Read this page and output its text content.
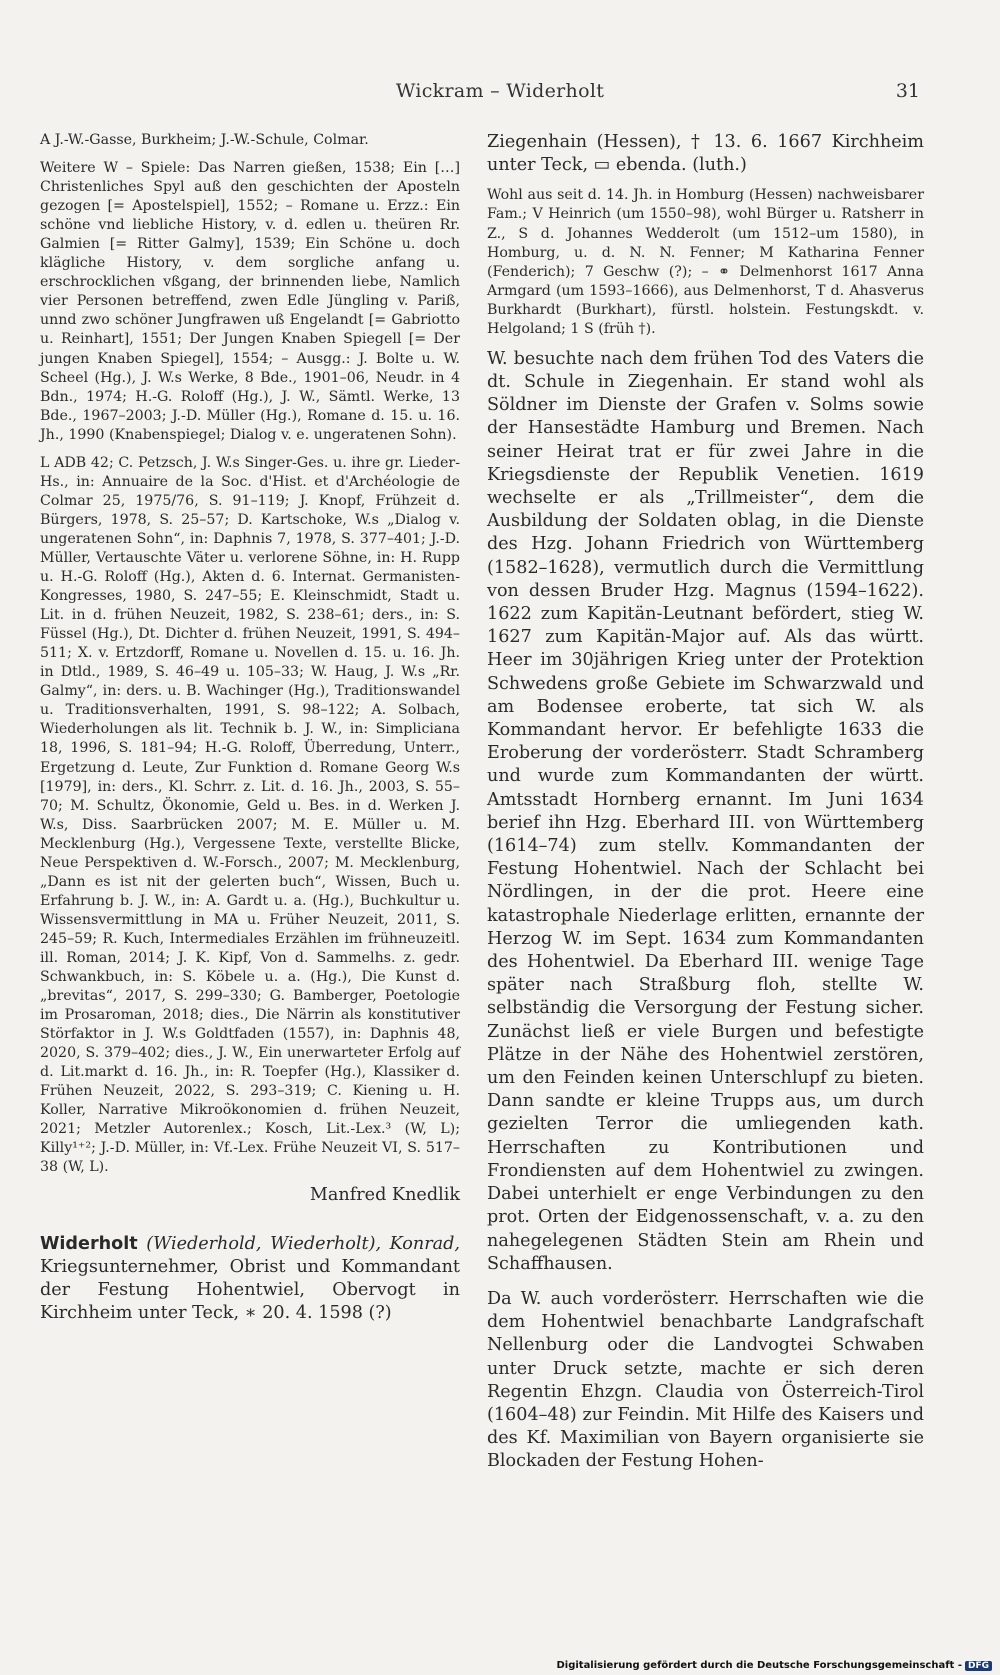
Wickram – Widerholt	31

A J.-W.-Gasse, Burkheim; J.-W.-Schule, Colmar.

Weitere W – Spiele: Das Narren gießen, 1538; Ein […] Christenliches Spyl auß den geschichten der Aposteln gezogen [= Apostelspiel], 1552; – Romane u. Erzz.: Ein schöne vnd liebliche History, v. d. edlen u. theüren Rr. Galmien [= Ritter Galmy], 1539; Ein Schöne u. doch klägliche History, v. dem sorgliche anfang u. erschrocklichen vßgang, der brinnenden liebe, Namlich vier Personen betreffend, zwen Edle Jüngling v. Pariß, unnd zwo schöner Jungfrawen uß Engelandt [= Gabriotto u. Reinhart], 1551; Der Jungen Knaben Spiegell [= Der jungen Knaben Spiegel], 1554; – Ausgg.: J. Bolte u. W. Scheel (Hg.), J. W.s Werke, 8 Bde., 1901–06, Neudr. in 4 Bdn., 1974; H.-G. Roloff (Hg.), J. W., Sämtl. Werke, 13 Bde., 1967–2003; J.-D. Müller (Hg.), Romane d. 15. u. 16. Jh., 1990 (Knabenspiegel; Dialog v. e. ungeratenen Sohn).

L ADB 42; C. Petzsch, J. W.s Singer-Ges. u. ihre gr. Lieder-Hs., in: Annuaire de la Soc. d'Hist. et d'Archéologie de Colmar 25, 1975/76, S. 91–119; J. Knopf, Frühzeit d. Bürgers, 1978, S. 25–57; D. Kartschoke, W.s „Dialog v. ungeratenen Sohn“, in: Daphnis 7, 1978, S. 377–401; J.-D. Müller, Vertauschte Väter u. verlorene Söhne, in: H. Rupp u. H.-G. Roloff (Hg.), Akten d. 6. Internat. Germanisten-Kongresses, 1980, S. 247–55; E. Kleinschmidt, Stadt u. Lit. in d. frühen Neuzeit, 1982, S. 238–61; ders., in: S. Füssel (Hg.), Dt. Dichter d. frühen Neuzeit, 1991, S. 494–511; X. v. Ertzdorff, Romane u. Novellen d. 15. u. 16. Jh. in Dtld., 1989, S. 46–49 u. 105–33; W. Haug, J. W.s „Rr. Galmy“, in: ders. u. B. Wachinger (Hg.), Traditionswandel u. Traditionsverhalten, 1991, S. 98–122; A. Solbach, Wiederholungen als lit. Technik b. J. W., in: Simpliciana 18, 1996, S. 181–94; H.-G. Roloff, Überredung, Unterr., Ergetzung d. Leute, Zur Funktion d. Romane Georg W.s [1979], in: ders., Kl. Schrr. z. Lit. d. 16. Jh., 2003, S. 55–70; M. Schultz, Ökonomie, Geld u. Bes. in d. Werken J. W.s, Diss. Saarbrücken 2007; M. E. Müller u. M. Mecklenburg (Hg.), Vergessene Texte, verstellte Blicke, Neue Perspektiven d. W.-Forsch., 2007; M. Mecklenburg, „Dann es ist nit der gelerten buch“, Wissen, Buch u. Erfahrung b. J. W., in: A. Gardt u. a. (Hg.), Buchkultur u. Wissensvermittlung in MA u. Früher Neuzeit, 2011, S. 245–59; R. Kuch, Intermediales Erzählen im frühneuzeitl. ill. Roman, 2014; J. K. Kipf, Von d. Sammelhs. z. gedr. Schwankbuch, in: S. Köbele u. a. (Hg.), Die Kunst d. „brevitas“, 2017, S. 299–330; G. Bamberger, Poetologie im Prosaroman, 2018; dies., Die Närrin als konstitutiver Störfaktor in J. W.s Goldtfaden (1557), in: Daphnis 48, 2020, S. 379–402; dies., J. W., Ein unerwarteter Erfolg auf d. Lit.markt d. 16. Jh., in: R. Toepfer (Hg.), Klassiker d. Frühen Neuzeit, 2022, S. 293–319; C. Kiening u. H. Koller, Narrative Mikroökonomien d. frühen Neuzeit, 2021; Metzler Autorenlex.; Kosch, Lit.-Lex.³ (W, L); Killy¹⁺²; J.-D. Müller, in: Vf.-Lex. Frühe Neuzeit VI, S. 517–38 (W, L).

Manfred Knedlik

Widerholt (Wiederhold, Wiederholt), Konrad, Kriegsunternehmer, Obrist und Kommandant der Festung Hohentwiel, Obervogt in Kirchheim unter Teck, ∗ 20. 4. 1598 (?)

Ziegenhain (Hessen), † 13. 6. 1667 Kirchheim unter Teck, ▭ ebenda. (luth.)

Wohl aus seit d. 14. Jh. in Homburg (Hessen) nachweisbarer Fam.; V Heinrich (um 1550–98), wohl Bürger u. Ratsherr in Z., S d. Johannes Wedderolt (um 1512–um 1580), in Homburg, u. d. N. N. Fenner; M Katharina Fenner (Fenderich); 7 Geschw (?); – ⚭ Delmenhorst 1617 Anna Armgard (um 1593–1666), aus Delmenhorst, T d. Ahasverus Burkhardt (Burkhart), fürstl. holstein. Festungskdt. v. Helgoland; 1 S (früh †).

W. besuchte nach dem frühen Tod des Vaters die dt. Schule in Ziegenhain. Er stand wohl als Söldner im Dienste der Grafen v. Solms sowie der Hansestädte Hamburg und Bremen. Nach seiner Heirat trat er für zwei Jahre in die Kriegsdienste der Republik Venetien. 1619 wechselte er als „Trillmeister“, dem die Ausbildung der Soldaten oblag, in die Dienste des Hzg. Johann Friedrich von Württemberg (1582–1628), vermutlich durch die Vermittlung von dessen Bruder Hzg. Magnus (1594–1622). 1622 zum Kapitän-Leutnant befördert, stieg W. 1627 zum Kapitän-Major auf. Als das württ. Heer im 30jährigen Krieg unter der Protektion Schwedens große Gebiete im Schwarzwald und am Bodensee eroberte, tat sich W. als Kommandant hervor. Er befehligte 1633 die Eroberung der vorderösterr. Stadt Schramberg und wurde zum Kommandanten der württ. Amtsstadt Hornberg ernannt. Im Juni 1634 berief ihn Hzg. Eberhard III. von Württemberg (1614–74) zum stellv. Kommandanten der Festung Hohentwiel. Nach der Schlacht bei Nördlingen, in der die prot. Heere eine katastrophale Niederlage erlitten, ernannte der Herzog W. im Sept. 1634 zum Kommandanten des Hohentwiel. Da Eberhard III. wenige Tage später nach Straßburg floh, stellte W. selbständig die Versorgung der Festung sicher. Zunächst ließ er viele Burgen und befestigte Plätze in der Nähe des Hohentwiel zerstören, um den Feinden keinen Unterschlupf zu bieten. Dann sandte er kleine Trupps aus, um durch gezielten Terror die umliegenden kath. Herrschaften zu Kontributionen und Frondiensten auf dem Hohentwiel zu zwingen. Dabei unterhielt er enge Verbindungen zu den prot. Orten der Eidgenossenschaft, v. a. zu den nahegelegenen Städten Stein am Rhein und Schaffhausen.

Da W. auch vorderösterr. Herrschaften wie die dem Hohentwiel benachbarte Landgrafschaft Nellenburg oder die Landvogtei Schwaben unter Druck setzte, machte er sich deren Regentin Ehzgn. Claudia von Österreich-Tirol (1604–48) zur Feindin. Mit Hilfe des Kaisers und des Kf. Maximilian von Bayern organisierte sie Blockaden der Festung Hohen-

Digitalisierung gefördert durch die Deutsche Forschungsgemeinschaft - DFG
